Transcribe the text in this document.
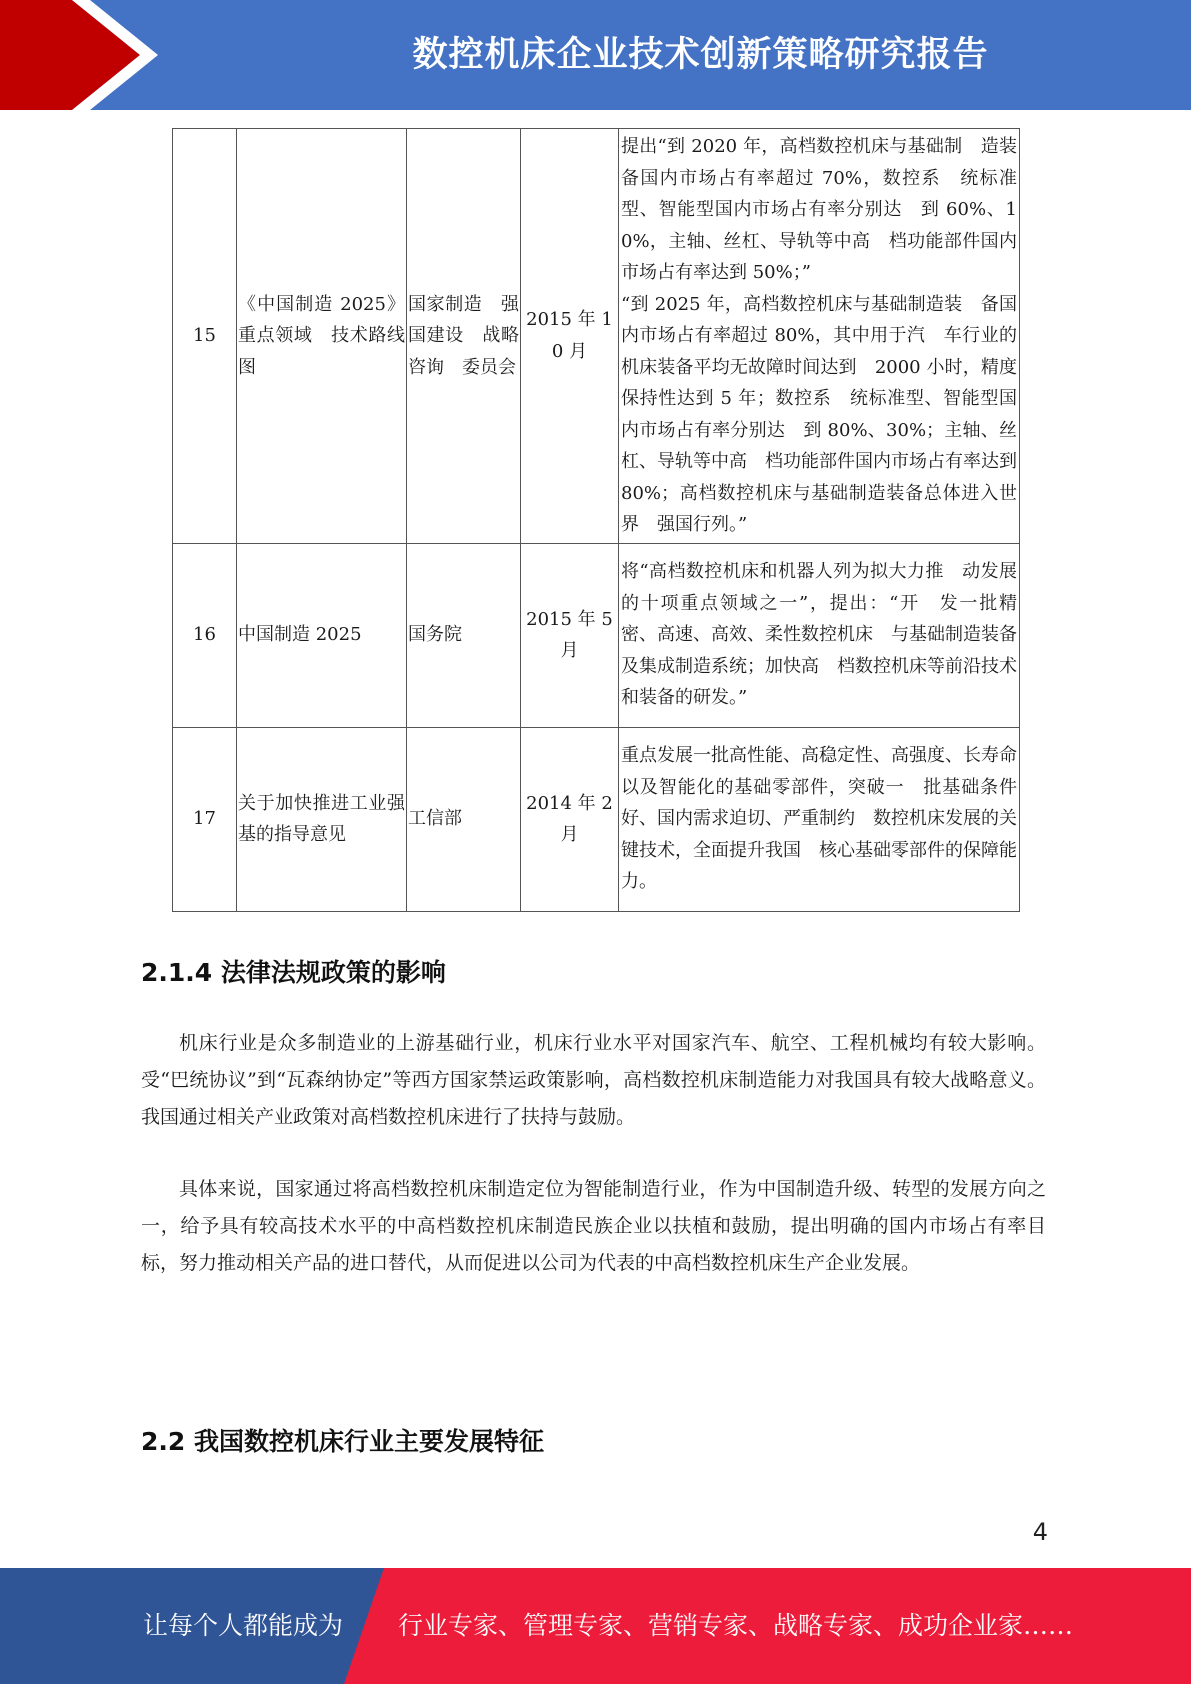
数控机床企业技术创新策略研究报告
15	《中国制造 2025》重点领域　技术路线图	国家制造　强国建设　战略咨询　委员会	2015 年 10 月	提出“到 2020 年，高档数控机床与基础制　造装备国内市场占有率超过 70%，数控系　统标准型、智能型国内市场占有率分别达　到 60%、10%，主轴、丝杠、导轨等中高　档功能部件国内市场占有率达到 50%；”
“到 2025 年，高档数控机床与基础制造装　备国内市场占有率超过 80%，其中用于汽　车行业的机床装备平均无故障时间达到　2000 小时，精度保持性达到 5 年；数控系　统标准型、智能型国内市场占有率分别达　到 80%、30%；主轴、丝杠、导轨等中高　档功能部件国内市场占有率达到 80%；高档数控机床与基础制造装备总体进入世界　强国行列。”

16	中国制造 2025	国务院	2015 年 5 月	将“高档数控机床和机器人列为拟大力推　动发展的十项重点领域之一”，提出：“开　发一批精密、高速、高效、柔性数控机床　与基础制造装备及集成制造系统；加快高　档数控机床等前沿技术和装备的研发。”

17	关于加快推进工业强基的指导意见	工信部	2014 年 2 月	重点发展一批高性能、高稳定性、高强度、长寿命以及智能化的基础零部件，突破一　批基础条件好、国内需求迫切、严重制约　数控机床发展的关键技术，全面提升我国　核心基础零部件的保障能力。
2.1.4 法律法规政策的影响

机床行业是众多制造业的上游基础行业，机床行业水平对国家汽车、航空、工程机械均有较大影响。受“巴统协议”到“瓦森纳协定”等西方国家禁运政策影响，高档数控机床制造能力对我国具有较大战略意义。我国通过相关产业政策对高档数控机床进行了扶持与鼓励。

具体来说，国家通过将高档数控机床制造定位为智能制造行业，作为中国制造升级、转型的发展方向之一，给予具有较高技术水平的中高档数控机床制造民族企业以扶植和鼓励，提出明确的国内市场占有率目标，努力推动相关产品的进口替代，从而促进以公司为代表的中高档数控机床生产企业发展。

2.2 我国数控机床行业主要发展特征
4
让每个人都能成为 行业专家、管理专家、营销专家、战略专家、成功企业家……
